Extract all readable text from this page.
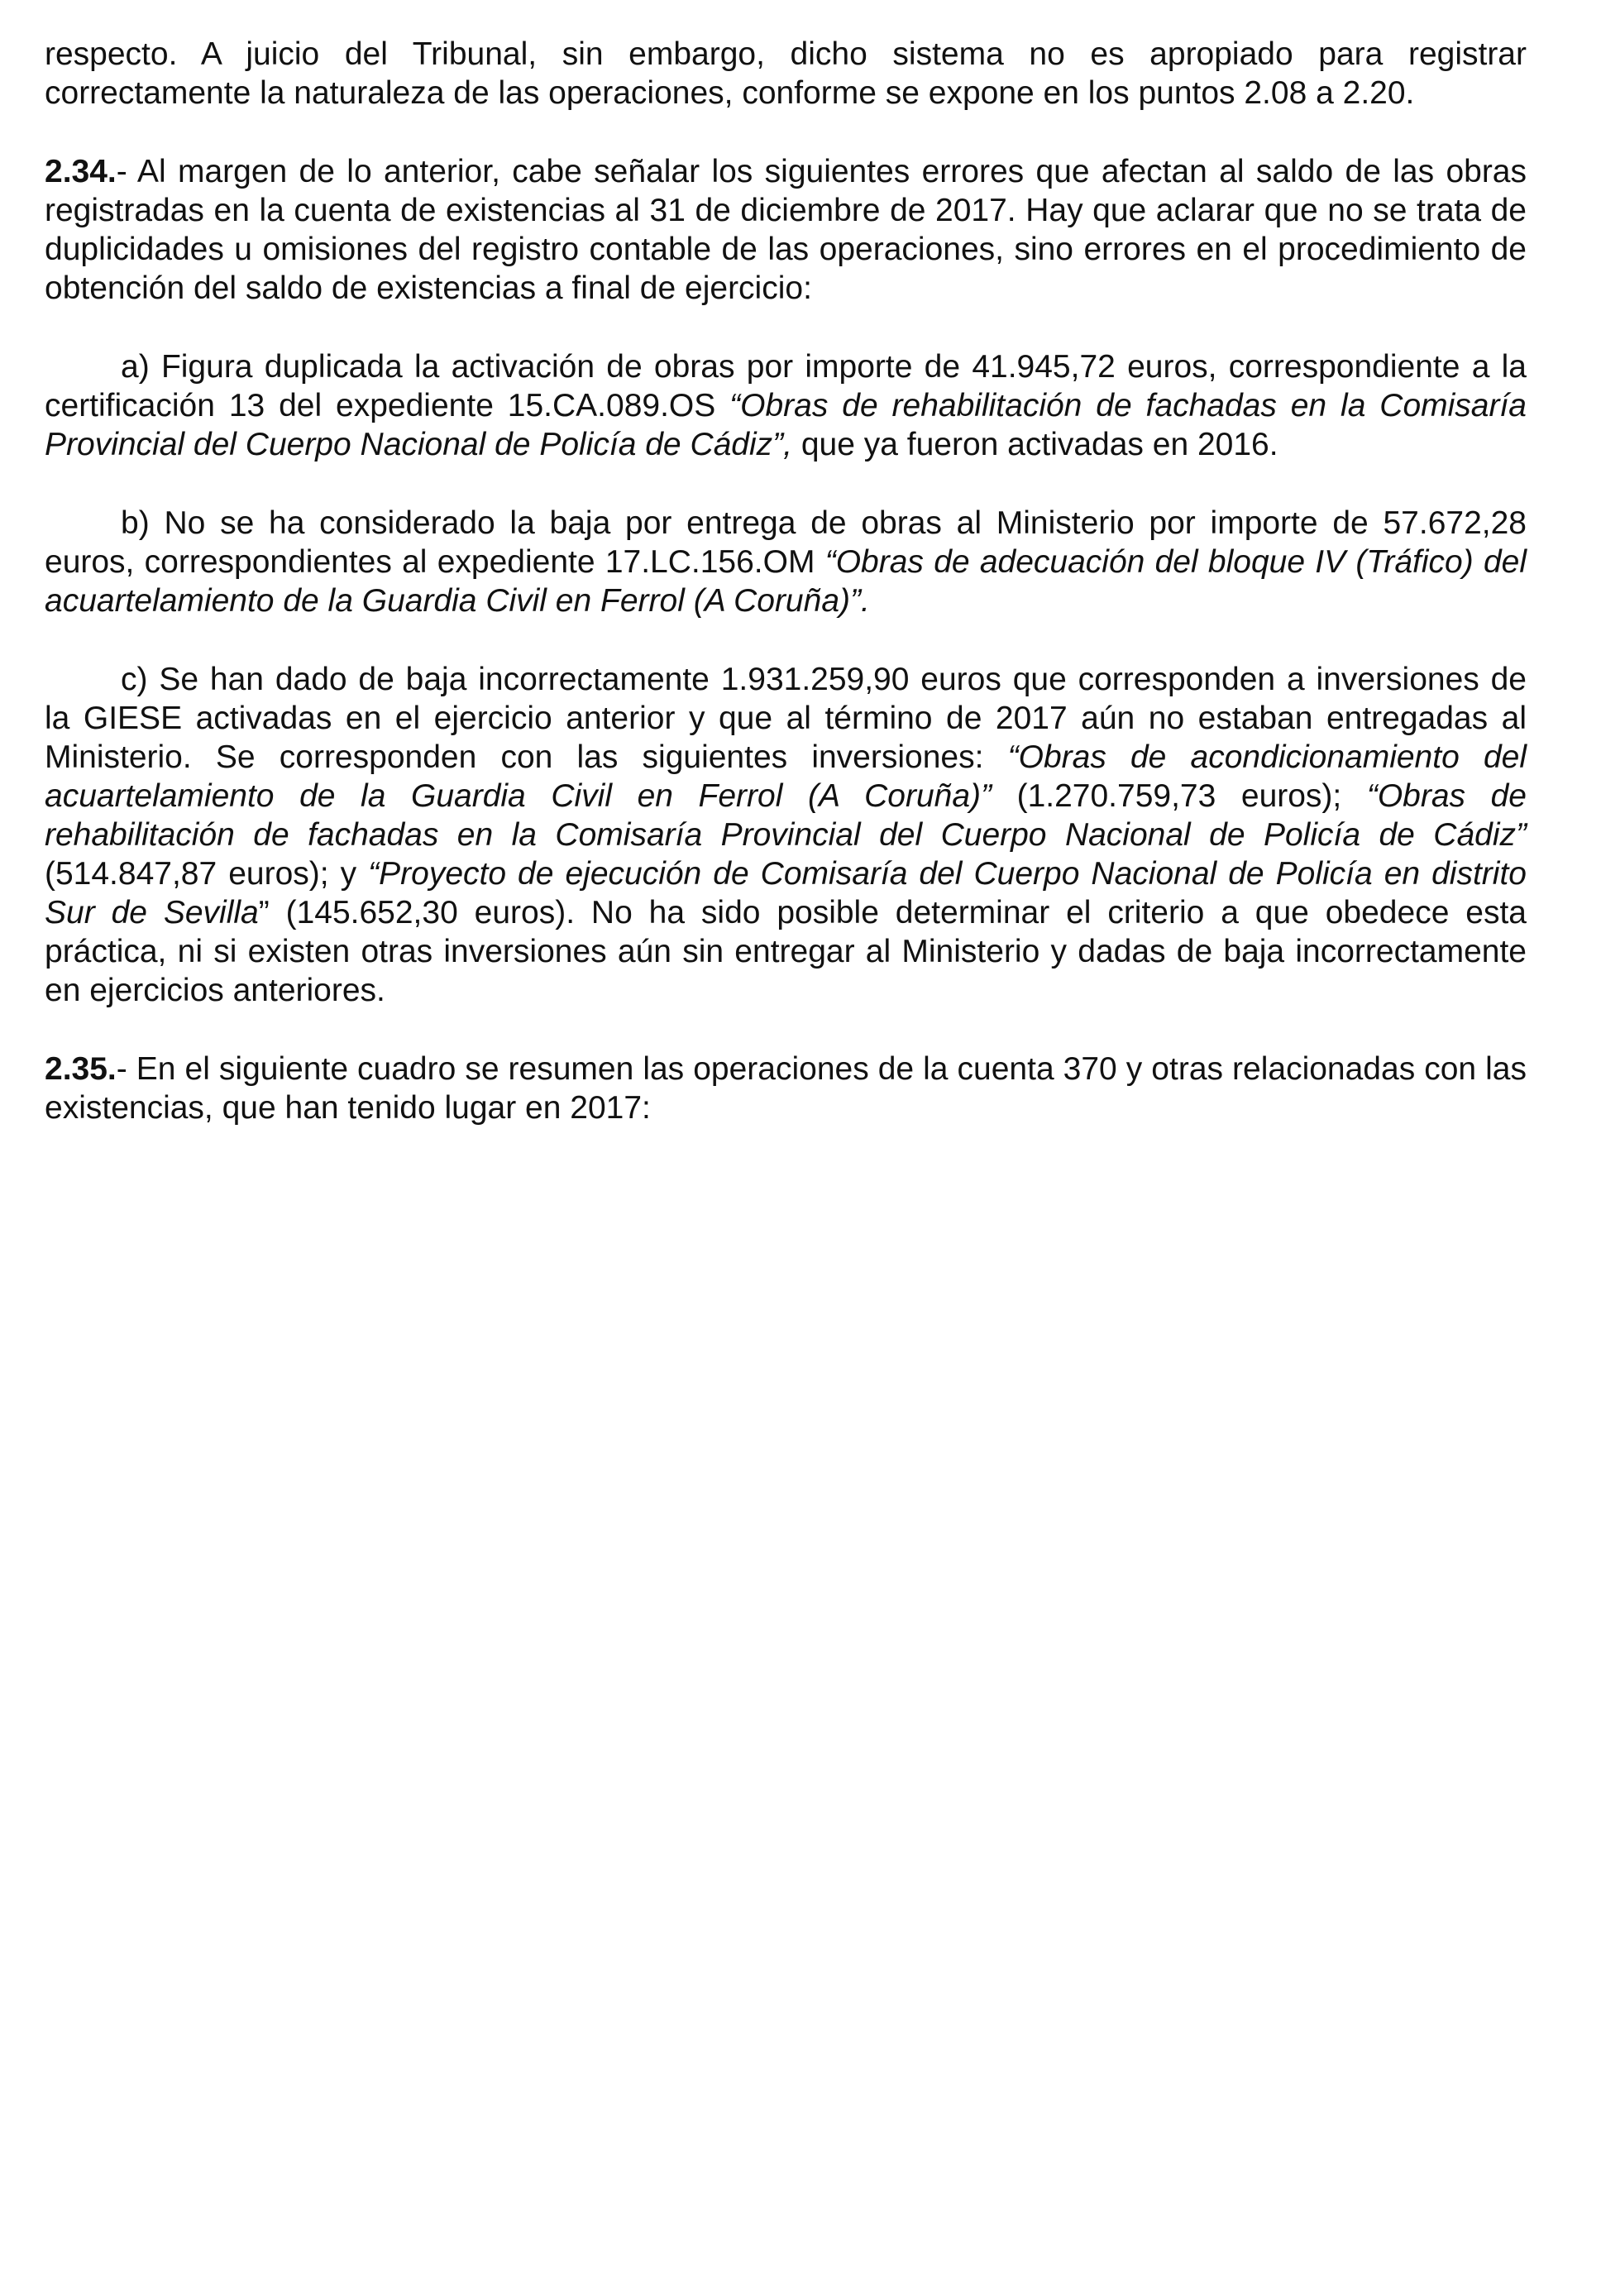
respecto. A juicio del Tribunal, sin embargo, dicho sistema no es apropiado para registrar correctamente la naturaleza de las operaciones, conforme se expone en los puntos 2.08 a 2.20.

2.34.- Al margen de lo anterior, cabe señalar los siguientes errores que afectan al saldo de las obras registradas en la cuenta de existencias al 31 de diciembre de 2017. Hay que aclarar que no se trata de duplicidades u omisiones del registro contable de las operaciones, sino errores en el procedimiento de obtención del saldo de existencias a final de ejercicio:

a) Figura duplicada la activación de obras por importe de 41.945,72 euros, correspondiente a la certificación 13 del expediente 15.CA.089.OS “Obras de rehabilitación de fachadas en la Comisaría Provincial del Cuerpo Nacional de Policía de Cádiz”, que ya fueron activadas en 2016.

b) No se ha considerado la baja por entrega de obras al Ministerio por importe de 57.672,28 euros, correspondientes al expediente 17.LC.156.OM “Obras de adecuación del bloque IV (Tráfico) del acuartelamiento de la Guardia Civil en Ferrol (A Coruña)”.

c) Se han dado de baja incorrectamente 1.931.259,90 euros que corresponden a inversiones de la GIESE activadas en el ejercicio anterior y que al término de 2017 aún no estaban entregadas al Ministerio. Se corresponden con las siguientes inversiones: “Obras de acondicionamiento del acuartelamiento de la Guardia Civil en Ferrol (A Coruña)” (1.270.759,73 euros); “Obras de rehabilitación de fachadas en la Comisaría Provincial del Cuerpo Nacional de Policía de Cádiz” (514.847,87 euros); y “Proyecto de ejecución de Comisaría del Cuerpo Nacional de Policía en distrito Sur de Sevilla” (145.652,30 euros). No ha sido posible determinar el criterio a que obedece esta práctica, ni si existen otras inversiones aún sin entregar al Ministerio y dadas de baja incorrectamente en ejercicios anteriores.

2.35.- En el siguiente cuadro se resumen las operaciones de la cuenta 370 y otras relacionadas con las existencias, que han tenido lugar en 2017:
